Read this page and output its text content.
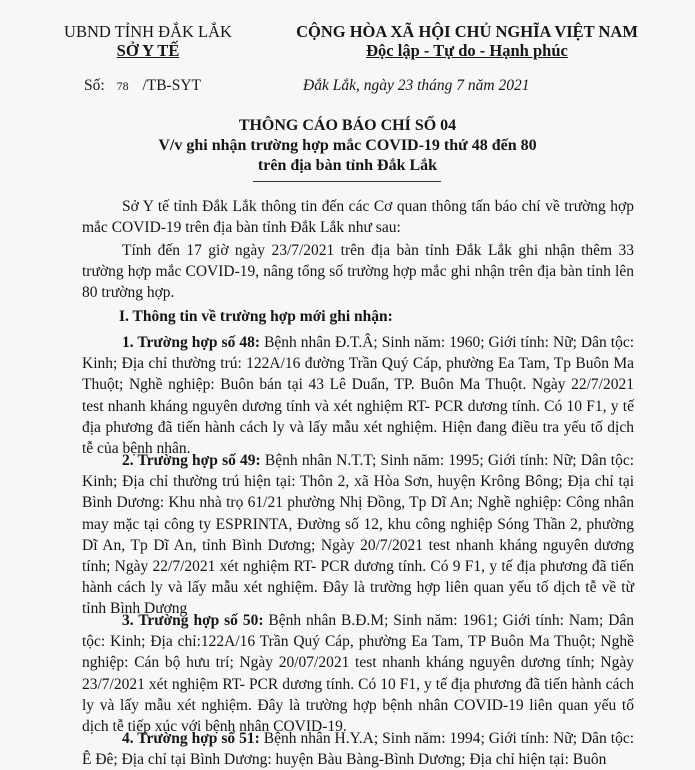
UBND TỈNH ĐẮK LẮK
SỞ Y TẾ
CỘNG HÒA XÃ HỘI CHỦ NGHĨA VIỆT NAM
Độc lập - Tự do - Hạnh phúc
Số: 78 /TB-SYT	Đắk Lắk, ngày 23 tháng 7 năm 2021
THÔNG CÁO BÁO CHÍ SỐ 04
V/v ghi nhận trường hợp mắc COVID-19 thứ 48 đến 80
trên địa bàn tỉnh Đắk Lắk
Sở Y tế tỉnh Đắk Lắk thông tin đến các Cơ quan thông tấn báo chí về trường hợp mắc COVID-19 trên địa bàn tỉnh Đắk Lắk như sau:
Tính đến 17 giờ ngày 23/7/2021 trên địa bàn tỉnh Đắk Lắk ghi nhận thêm 33 trường hợp mắc COVID-19, nâng tổng số trường hợp mắc ghi nhận trên địa bàn tỉnh lên 80 trường hợp.
I. Thông tin về trường hợp mới ghi nhận:
1. Trường hợp số 48: Bệnh nhân Đ.T.Â; Sinh năm: 1960; Giới tính: Nữ; Dân tộc: Kinh; Địa chỉ thường trú: 122A/16 đường Trần Quý Cáp, phường Ea Tam, Tp Buôn Ma Thuột; Nghề nghiệp: Buôn bán tại 43 Lê Duẩn, TP. Buôn Ma Thuột. Ngày 22/7/2021 test nhanh kháng nguyên dương tính và xét nghiệm RT- PCR dương tính. Có 10 F1, y tế địa phương đã tiến hành cách ly và lấy mẫu xét nghiệm. Hiện đang điều tra yếu tố dịch tễ của bệnh nhân.
2. Trường hợp số 49: Bệnh nhân N.T.T; Sinh năm: 1995; Giới tính: Nữ; Dân tộc: Kinh; Địa chỉ thường trú hiện tại: Thôn 2, xã Hòa Sơn, huyện Krông Bông; Địa chỉ tại Bình Dương: Khu nhà trọ 61/21 phường Nhị Đồng, Tp Dĩ An; Nghề nghiệp: Công nhân may mặc tại công ty ESPRINTA, Đường số 12, khu công nghiệp Sóng Thần 2, phường Dĩ An, Tp Dĩ An, tỉnh Bình Dương; Ngày 20/7/2021 test nhanh kháng nguyên dương tính; Ngày 22/7/2021 xét nghiệm RT- PCR dương tính. Có 9 F1, y tế địa phương đã tiến hành cách ly và lấy mẫu xét nghiệm. Đây là trường hợp liên quan yếu tố dịch tễ về từ tỉnh Bình Dương
3. Trường hợp số 50: Bệnh nhân B.Đ.M; Sinh năm: 1961; Giới tính: Nam; Dân tộc: Kinh; Địa chỉ:122A/16 Trần Quý Cáp, phường Ea Tam, TP Buôn Ma Thuột; Nghề nghiệp: Cán bộ hưu trí; Ngày 20/07/2021 test nhanh kháng nguyên dương tính; Ngày 23/7/2021 xét nghiệm RT- PCR dương tính. Có 10 F1, y tế địa phương đã tiến hành cách ly và lấy mẫu xét nghiệm. Đây là trường hợp bệnh nhân COVID-19 liên quan yếu tố dịch tễ tiếp xúc với bệnh nhân COVID-19.
4. Trường hợp số 51: Bệnh nhân H.Y.A; Sinh năm: 1994; Giới tính: Nữ; Dân tộc: Ê Đê; Địa chỉ tại Bình Dương: huyện Bàu Bàng-Bình Dương; Địa chỉ hiện tại: Buôn
